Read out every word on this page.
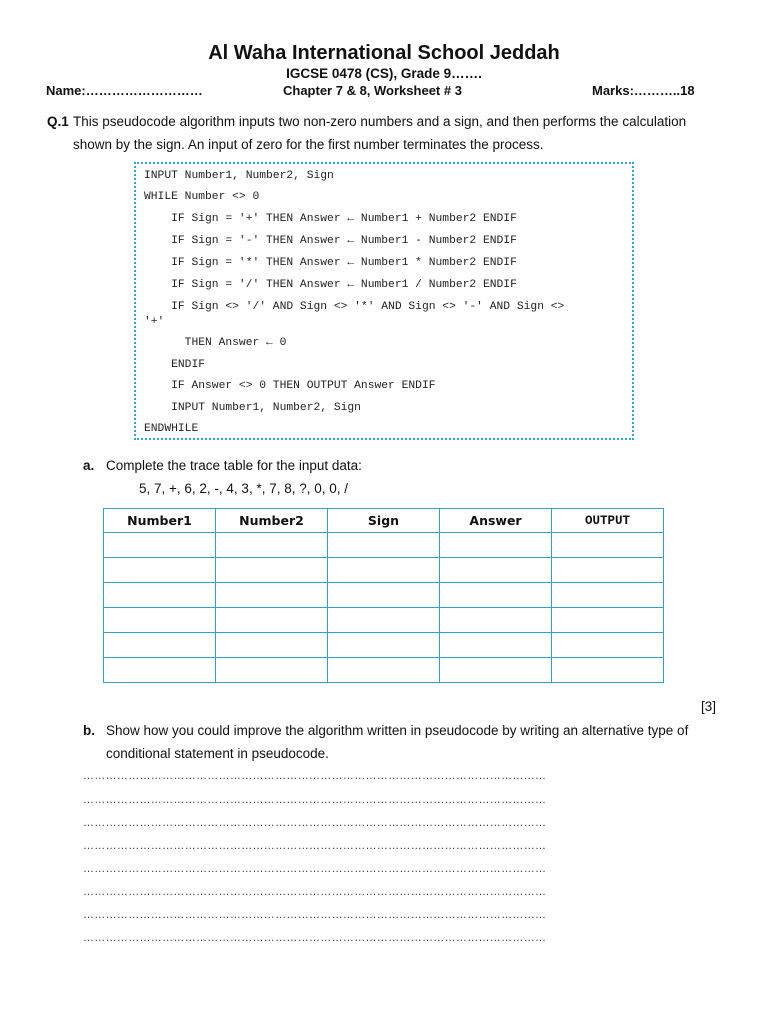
Al Waha International School Jeddah
IGCSE 0478 (CS), Grade 9…….
Name:………………………	Chapter 7 & 8, Worksheet # 3	Marks:………..18
Q.1 This pseudocode algorithm inputs two non-zero numbers and a sign, and then performs the calculation shown by the sign. An input of zero for the first number terminates the process.
INPUT Number1, Number2, Sign
WHILE Number <> 0
IF Sign = '+' THEN Answer ← Number1 + Number2 ENDIF
IF Sign = '-' THEN Answer ← Number1 - Number2 ENDIF
IF Sign = '*' THEN Answer ← Number1 * Number2 ENDIF
IF Sign = '/' THEN Answer ← Number1 / Number2 ENDIF
IF Sign <> '/' AND Sign <> '*' AND Sign <> '-' AND Sign <>
'+'
THEN Answer ← 0
ENDIF
IF Answer <> 0 THEN OUTPUT Answer ENDIF
INPUT Number1, Number2, Sign
ENDWHILE
a. Complete the trace table for the input data:
5, 7, +, 6, 2, -, 4, 3, *, 7, 8, ?, 0, 0, /
Number1	Number2	Sign	Answer	OUTPUT

[3]
b. Show how you could improve the algorithm written in pseudocode by writing an alternative type of
conditional statement in pseudocode.
……………………………………………………………………………………………………………
……………………………………………………………………………………………………………
……………………………………………………………………………………………………………
……………………………………………………………………………………………………………
……………………………………………………………………………………………………………
……………………………………………………………………………………………………………
……………………………………………………………………………………………………………
……………………………………………………………………………………………………………
